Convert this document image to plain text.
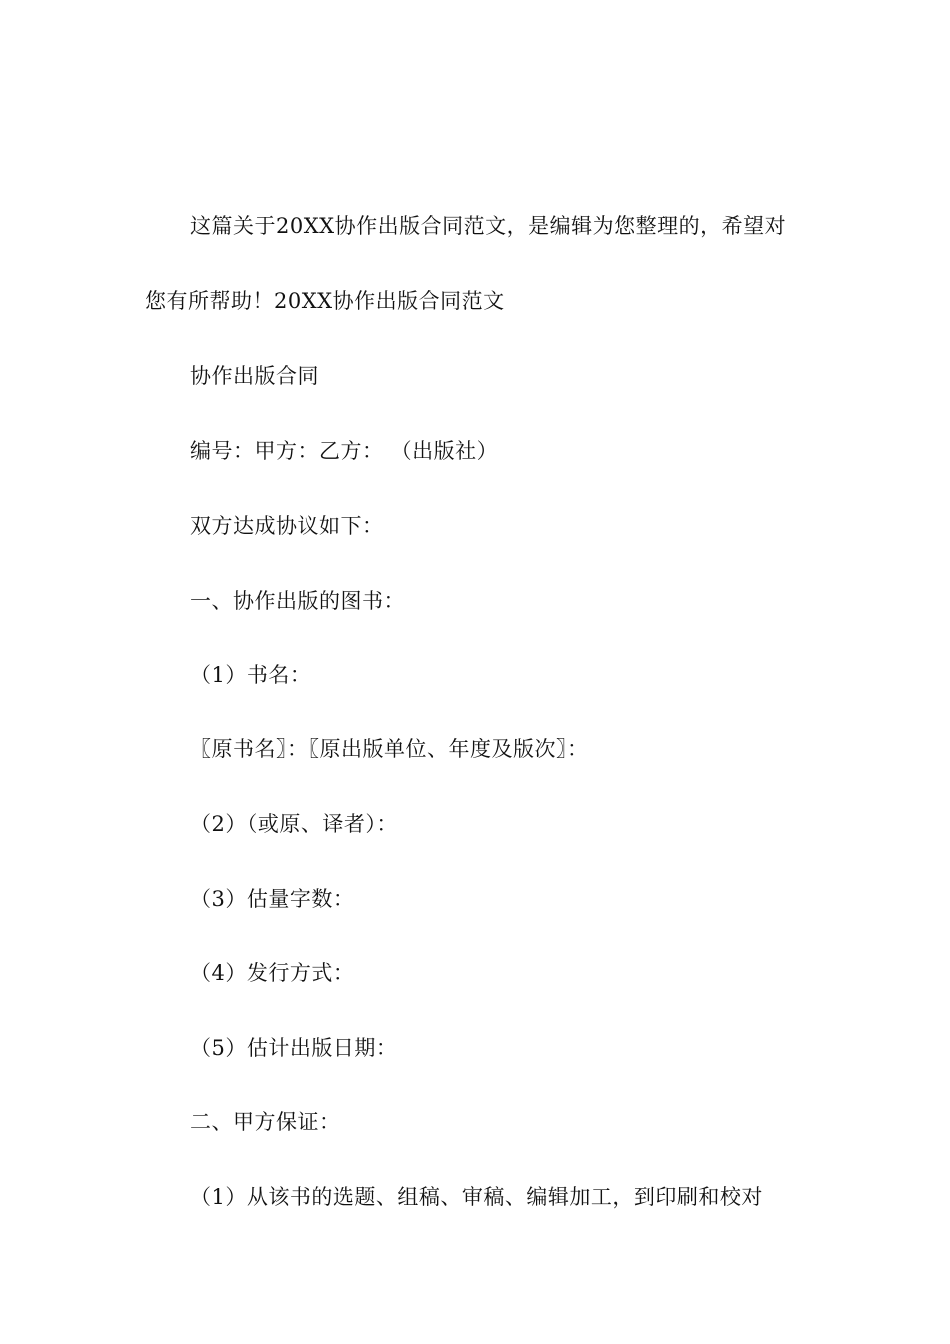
这篇关于20XX协作出版合同范文，是编辑为您整理的，希望对
您有所帮助！20XX协作出版合同范文
协作出版合同
编号：甲方：乙方： （出版社）
双方达成协议如下：
一、协作出版的图书：
（1）书名：
〖原书名〗：〖原出版单位、年度及版次〗：
（2）（或原、译者）：
（3）估量字数：
（4）发行方式：
（5）估计出版日期：
二、甲方保证：
（1）从该书的选题、组稿、审稿、编辑加工，到印刷和校对
